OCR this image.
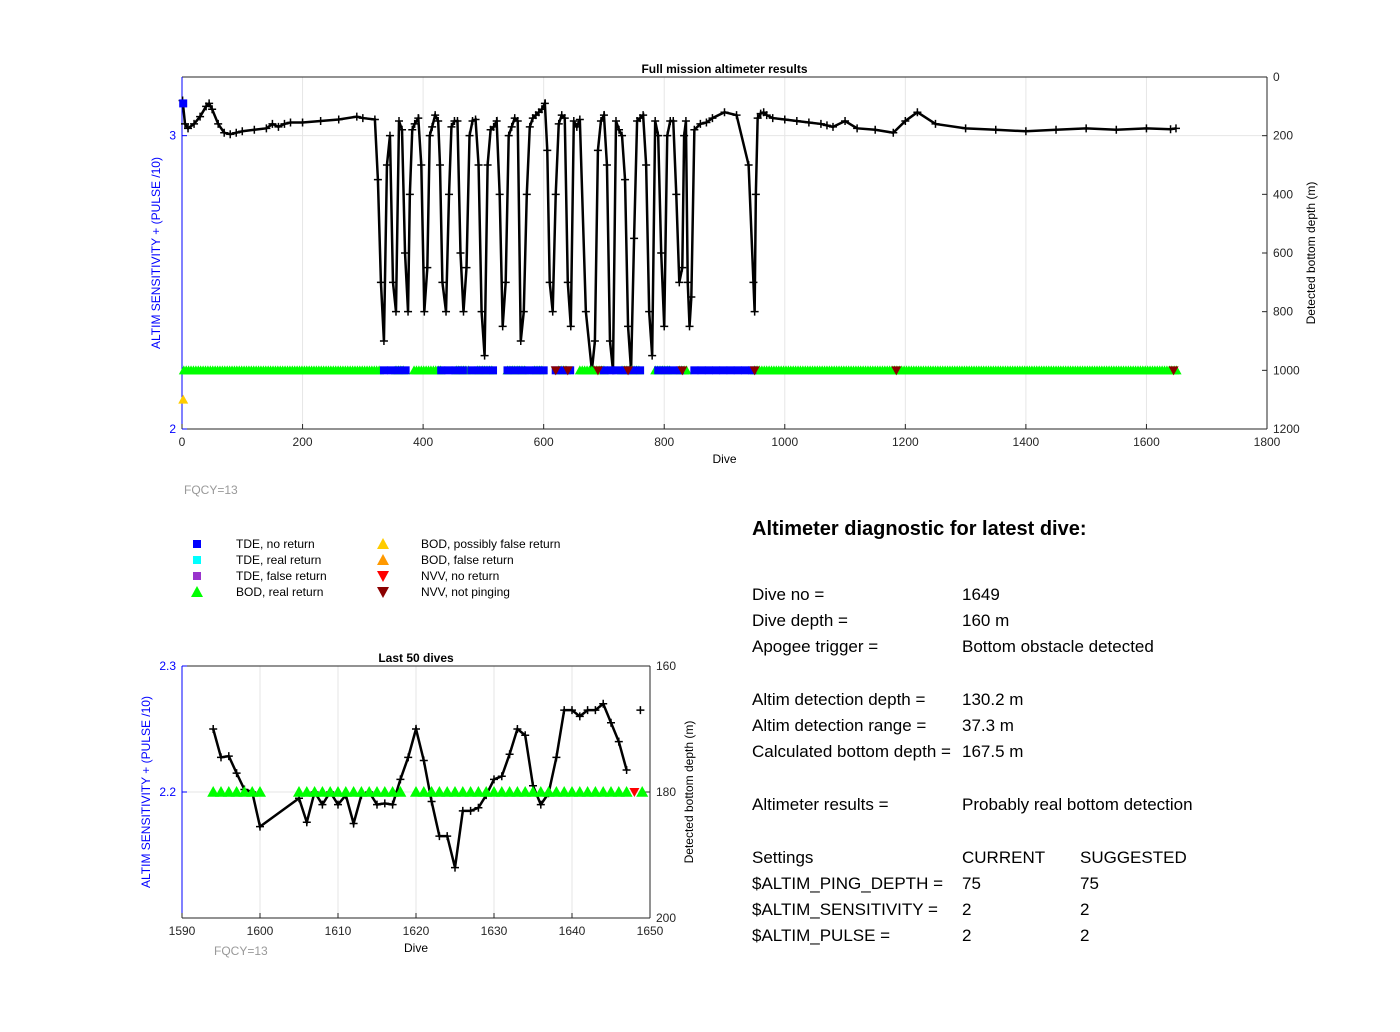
0	200	400	600	800	1000	1200	1400	1600	1800
2
3
0
200
400
600
800
1000
1200
Full mission altimeter results
Dive
ALTIM SENSITIVITY + (PULSE /10)	Detected bottom depth (m)
FQCY=13
1590	1600	1610	1620	1630	1640	1650
2.2
2.3	160
180
200
Last 50 dives
Dive
ALTIM SENSITIVITY + (PULSE /10)	Detected bottom depth (m)
FQCY=13
TDE, no return
TDE, real return
TDE, false return
BOD, real return
BOD, possibly false return
BOD, false return
NVV, no return
NVV, not pinging
Altimeter diagnostic for latest dive:
Dive no =	1649
Dive depth =	160 m
Apogee trigger =	Bottom obstacle detected
Altim detection depth = 130.2 m
Altim detection range = 37.3 m
Calculated bottom depth = 167.5 m
Altimeter results =	Probably real bottom detection
Settings	CURRENT SUGGESTED
$ALTIM_PING_DEPTH = 75	75
$ALTIM_SENSITIVITY = 2	2
$ALTIM_PULSE =	2	2
